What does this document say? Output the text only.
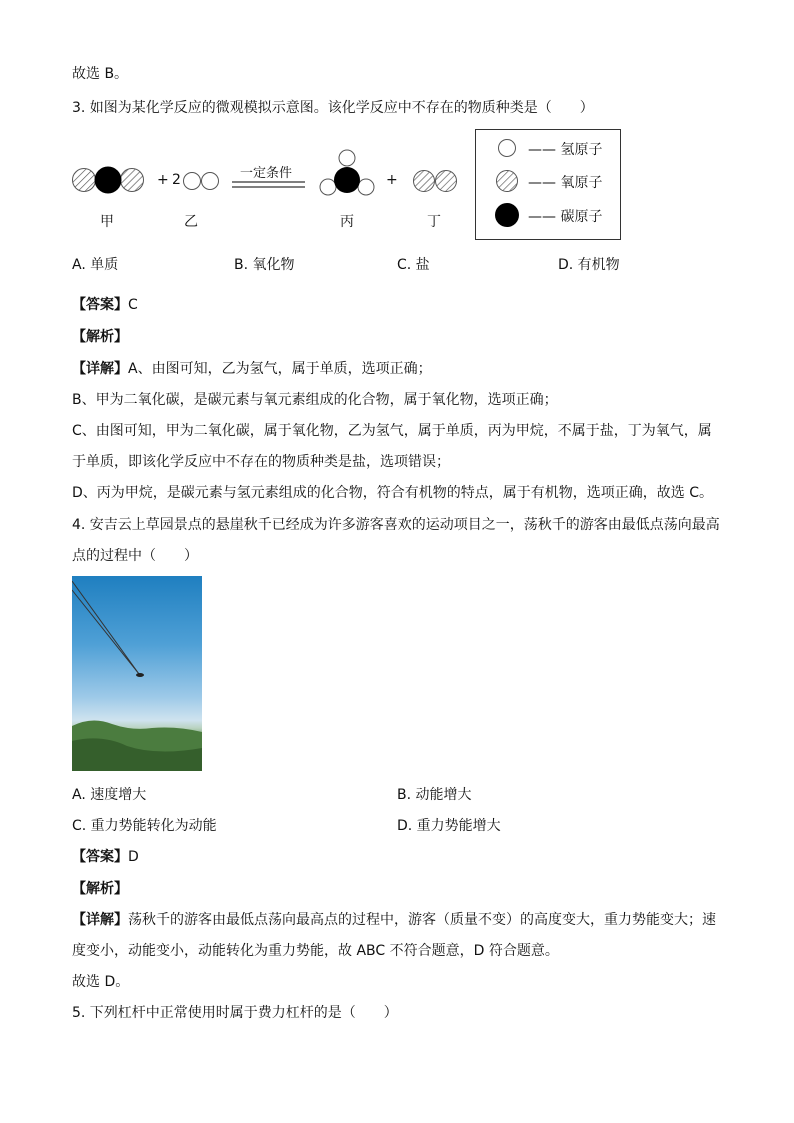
故选 B。
3. 如图为某化学反应的微观模拟示意图。该化学反应中不存在的物质种类是（　　）
+ 2	一定条件	+
甲	乙	丙	丁
—— 氢原子
—— 氧原子
—— 碳原子
A. 单质	B. 氧化物	C. 盐	D. 有机物
【答案】C
【解析】
【详解】A、由图可知，乙为氢气，属于单质，选项正确；
B、甲为二氧化碳，是碳元素与氧元素组成的化合物，属于氧化物，选项正确；
C、由图可知，甲为二氧化碳，属于氧化物，乙为氢气，属于单质，丙为甲烷，不属于盐，丁为氧气，属
于单质，即该化学反应中不存在的物质种类是盐，选项错误；
D、丙为甲烷，是碳元素与氢元素组成的化合物，符合有机物的特点，属于有机物，选项正确，故选 C。
4. 安吉云上草园景点的悬崖秋千已经成为许多游客喜欢的运动项目之一，荡秋千的游客由最低点荡向最高
点的过程中（　　）
A. 速度增大	B. 动能增大
C. 重力势能转化为动能	D. 重力势能增大
【答案】D
【解析】
【详解】荡秋千的游客由最低点荡向最高点的过程中，游客（质量不变）的高度变大，重力势能变大；速
度变小，动能变小，动能转化为重力势能，故 ABC 不符合题意，D 符合题意。
故选 D。
5. 下列杠杆中正常使用时属于费力杠杆的是（　　）
